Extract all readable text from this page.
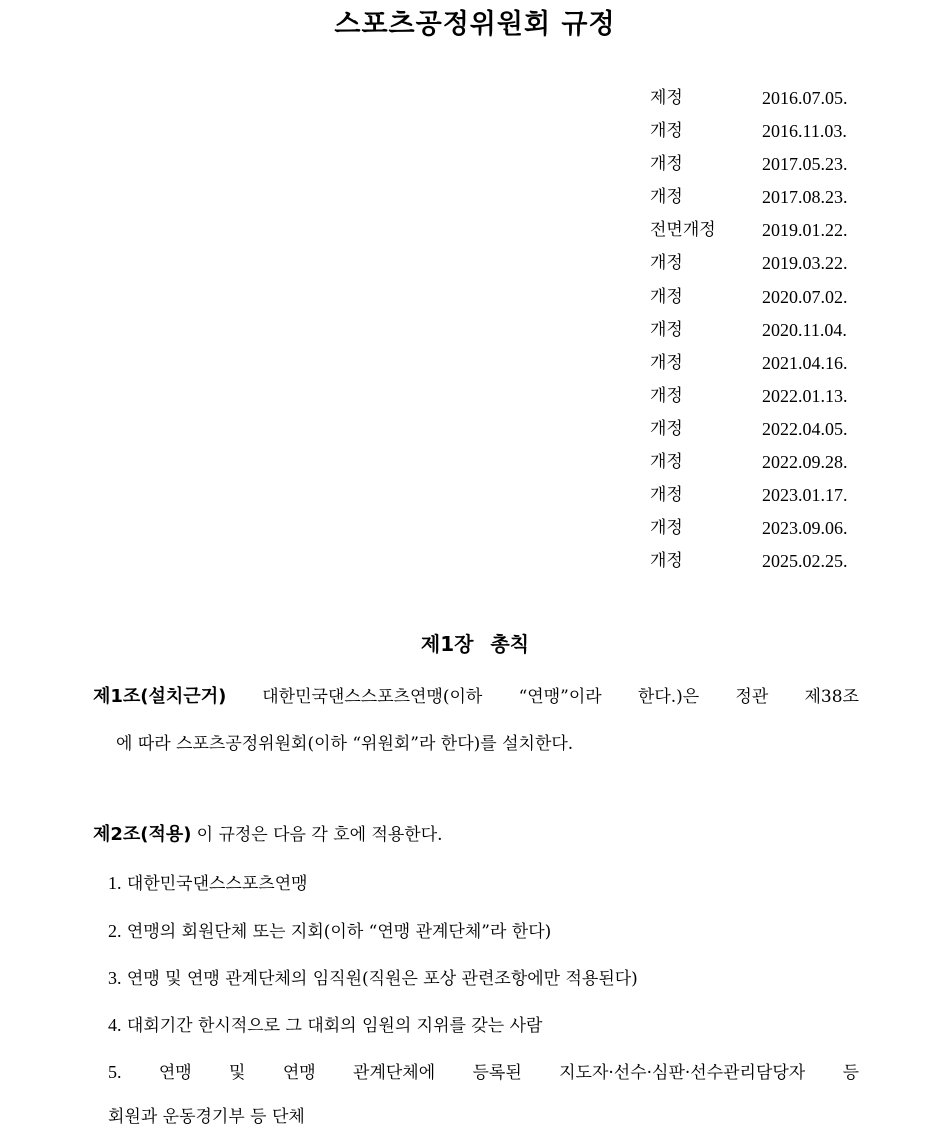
스포츠공정위원회 규정
제정	2016.07.05.
개정	2016.11.03.
개정	2017.05.23.
개정	2017.08.23.
전면개정	2019.01.22.
개정	2019.03.22.
개정	2020.07.02.
개정	2020.11.04.
개정	2021.04.16.
개정	2022.01.13.
개정	2022.04.05.
개정	2022.09.28.
개정	2023.01.17.
개정	2023.09.06.
개정	2025.02.25.
제1장 총칙
제1조(설치근거) 대한민국댄스스포츠연맹(이하 “연맹”이라 한다.)은 정관 제38조
에 따라 스포츠공정위원회(이하 “위원회”라 한다)를 설치한다.
제2조(적용) 이 규정은 다음 각 호에 적용한다.
1. 대한민국댄스스포츠연맹
2. 연맹의 회원단체 또는 지회(이하 “연맹 관계단체”라 한다)
3. 연맹 및 연맹 관계단체의 임직원(직원은 포상 관련조항에만 적용된다)
4. 대회기간 한시적으로 그 대회의 임원의 지위를 갖는 사람
5. 연맹 및 연맹 관계단체에 등록된 지도자·선수·심판·선수관리담당자 등
회원과 운동경기부 등 단체
